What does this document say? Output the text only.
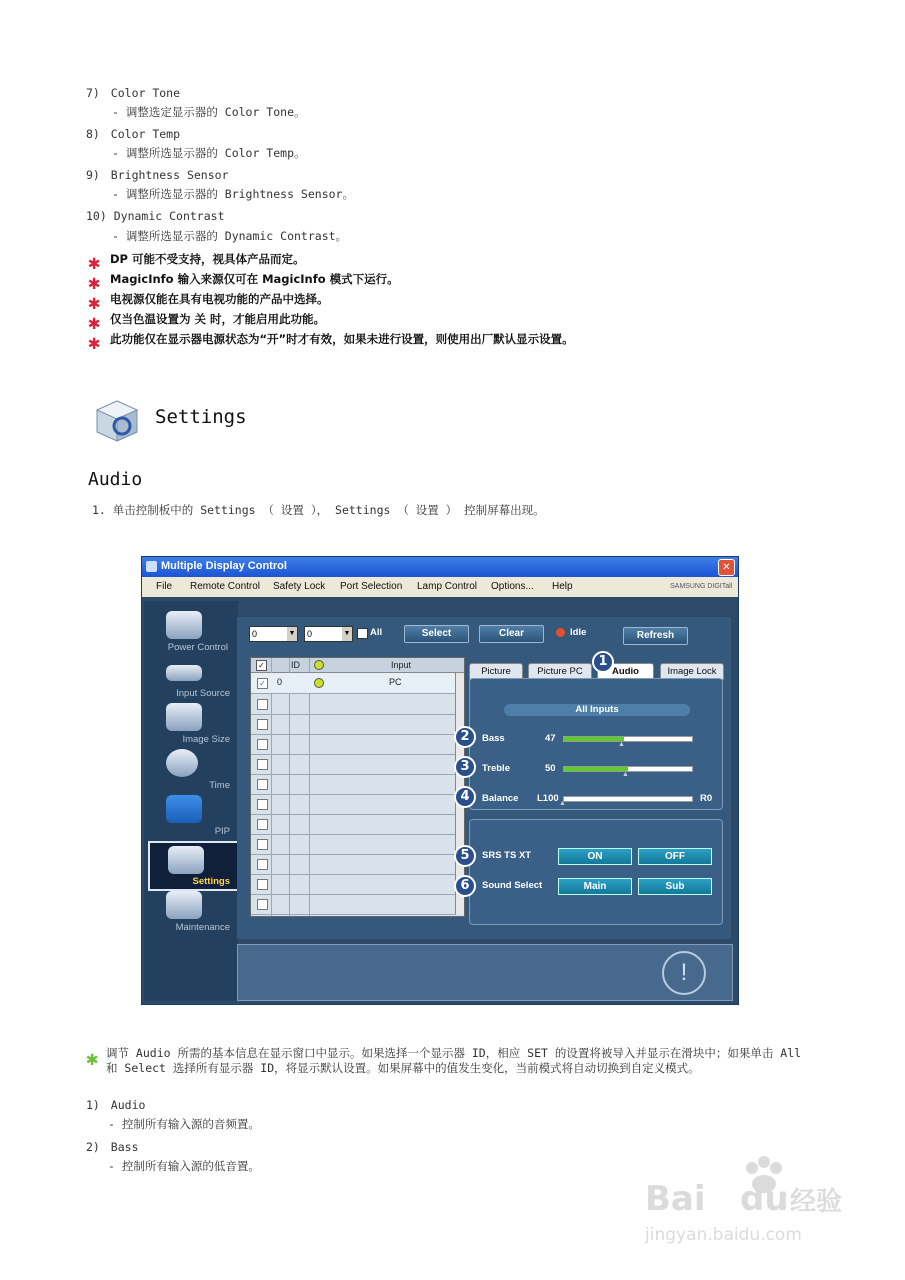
7) Color Tone
- 调整选定显示器的 Color Tone。
8) Color Temp
- 调整所选显示器的 Color Temp。
9) Brightness Sensor
- 调整所选显示器的 Brightness Sensor。
10) Dynamic Contrast
- 调整所选显示器的 Dynamic Contrast。
✱ DP 可能不受支持，视具体产品而定。
✱ MagicInfo 输入来源仅可在 MagicInfo 模式下运行。
✱ 电视源仅能在具有电视功能的产品中选择。
✱ 仅当色温设置为 关 时，才能启用此功能。
✱ 此功能仅在显示器电源状态为“开”时才有效，如果未进行设置，则使用出厂默认显示设置。
Settings
Audio
1. 单击控制板中的 Settings （ 设置 ）， Settings （ 设置 ） 控制屏幕出现。
Multiple Display Control	✕
File Remote Control Safety Lock Port Selection Lamp Control Options... Help	SAMSUNG DIGITall
Power Control
Input Source
Image Size
Time
PIP
Settings
Maintenance
0	▼	0	▼ All	Select	Clear	Idle	Refresh
✓	ID	Input
✓ 0	PC
Picture	Picture PC	Audio	Image Lock
All Inputs
Bass	47
▲
Treble	50
▲
Balance L100 ▲	R0
SRS TS XT	ON	OFF
Sound Select	Main	Sub
1
2
3
4
5
6
!
✱ 调节 Audio 所需的基本信息在显示窗口中显示。如果选择一个显示器 ID，相应 SET 的设置将被导入并显示在滑块中；如果单击 All 和 Select 选择所有显示器 ID，将显示默认设置。如果屏幕中的值发生变化，当前模式将自动切换到自定义模式。
1) Audio
- 控制所有输入源的音频置。
2) Bass
- 控制所有输入源的低音置。
Bai du 经验
jingyan.baidu.com
